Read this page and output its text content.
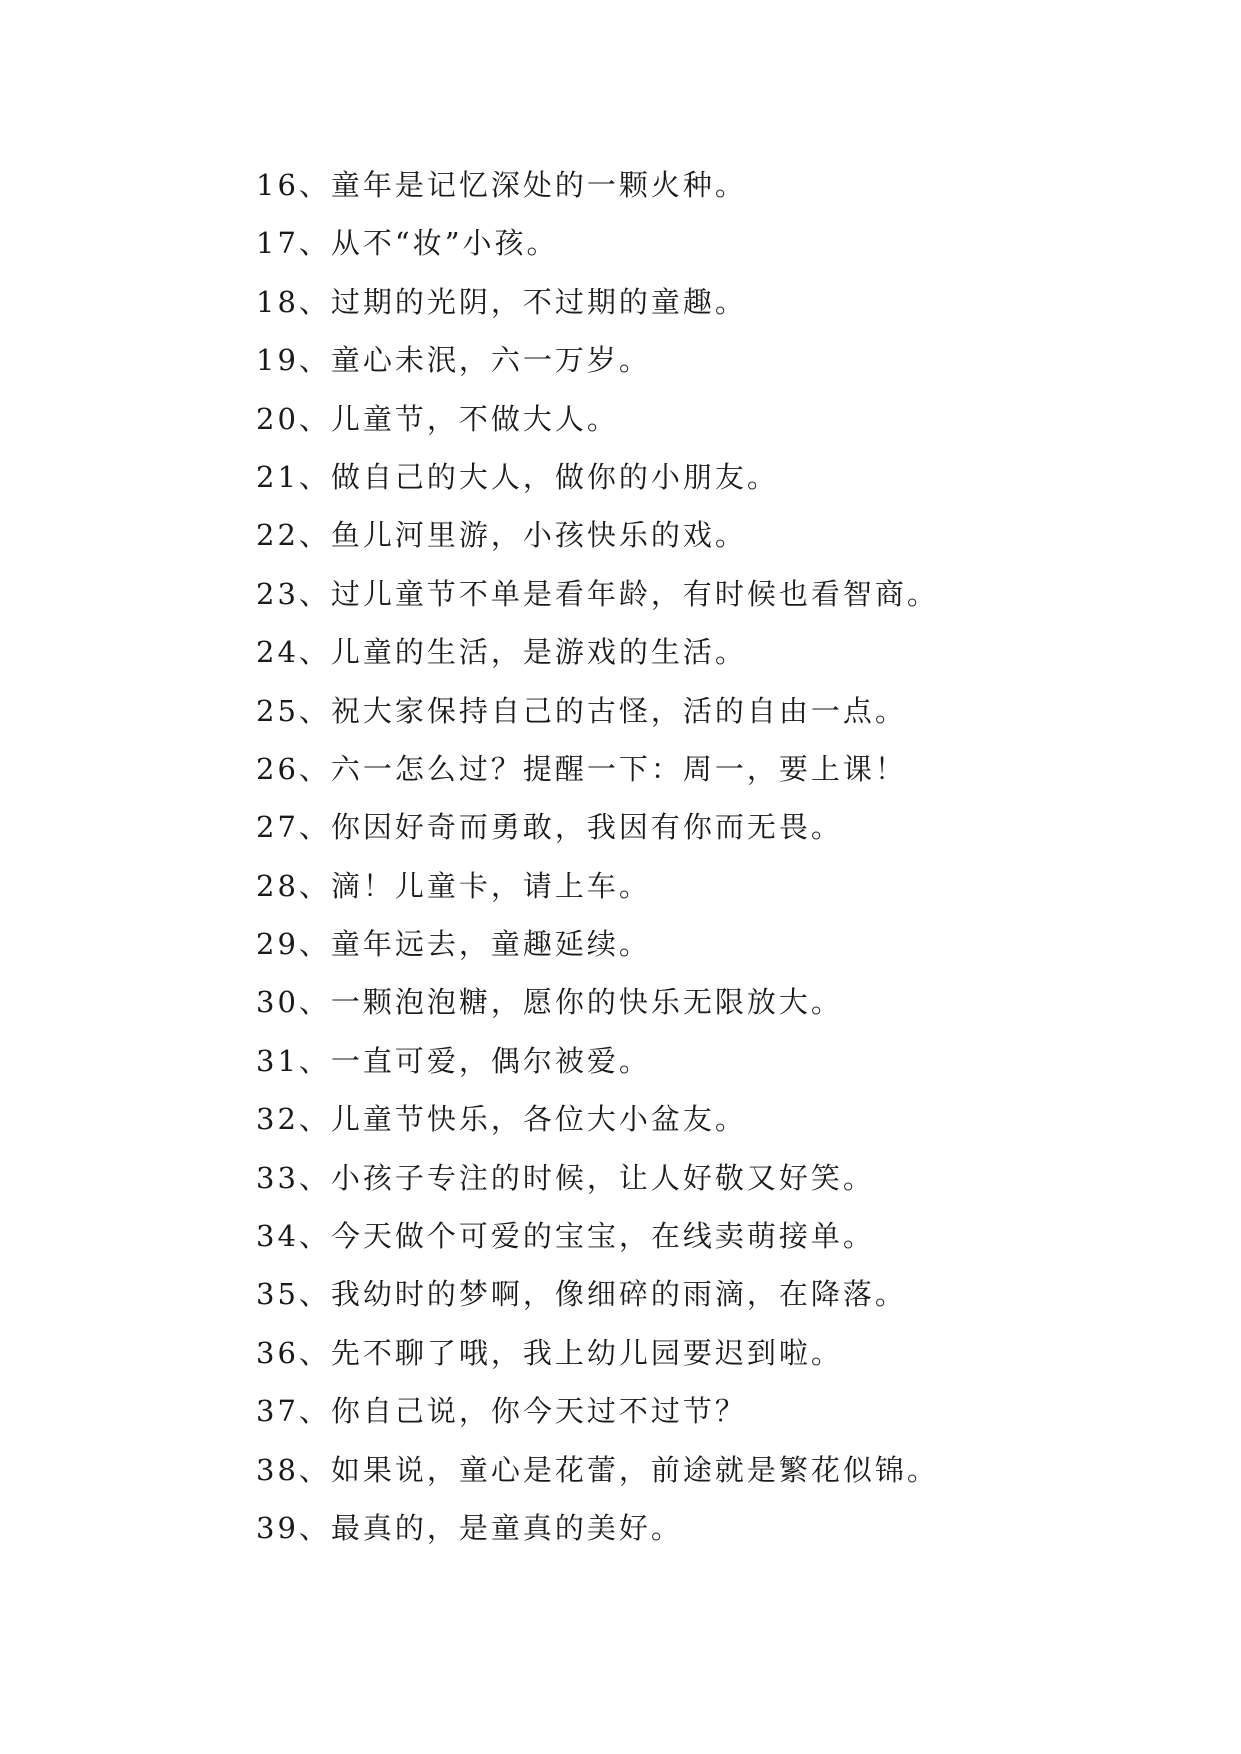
16、童年是记忆深处的一颗火种。
17、从不“妆”小孩。
18、过期的光阴，不过期的童趣。
19、童心未泯，六一万岁。
20、儿童节，不做大人。
21、做自己的大人，做你的小朋友。
22、鱼儿河里游，小孩快乐的戏。
23、过儿童节不单是看年龄，有时候也看智商。
24、儿童的生活，是游戏的生活。
25、祝大家保持自己的古怪，活的自由一点。
26、六一怎么过？提醒一下：周一，要上课！
27、你因好奇而勇敢，我因有你而无畏。
28、滴！儿童卡，请上车。
29、童年远去，童趣延续。
30、一颗泡泡糖，愿你的快乐无限放大。
31、一直可爱，偶尔被爱。
32、儿童节快乐，各位大小盆友。
33、小孩子专注的时候，让人好敬又好笑。
34、今天做个可爱的宝宝，在线卖萌接单。
35、我幼时的梦啊，像细碎的雨滴，在降落。
36、先不聊了哦，我上幼儿园要迟到啦。
37、你自己说，你今天过不过节？
38、如果说，童心是花蕾，前途就是繁花似锦。
39、最真的，是童真的美好。
